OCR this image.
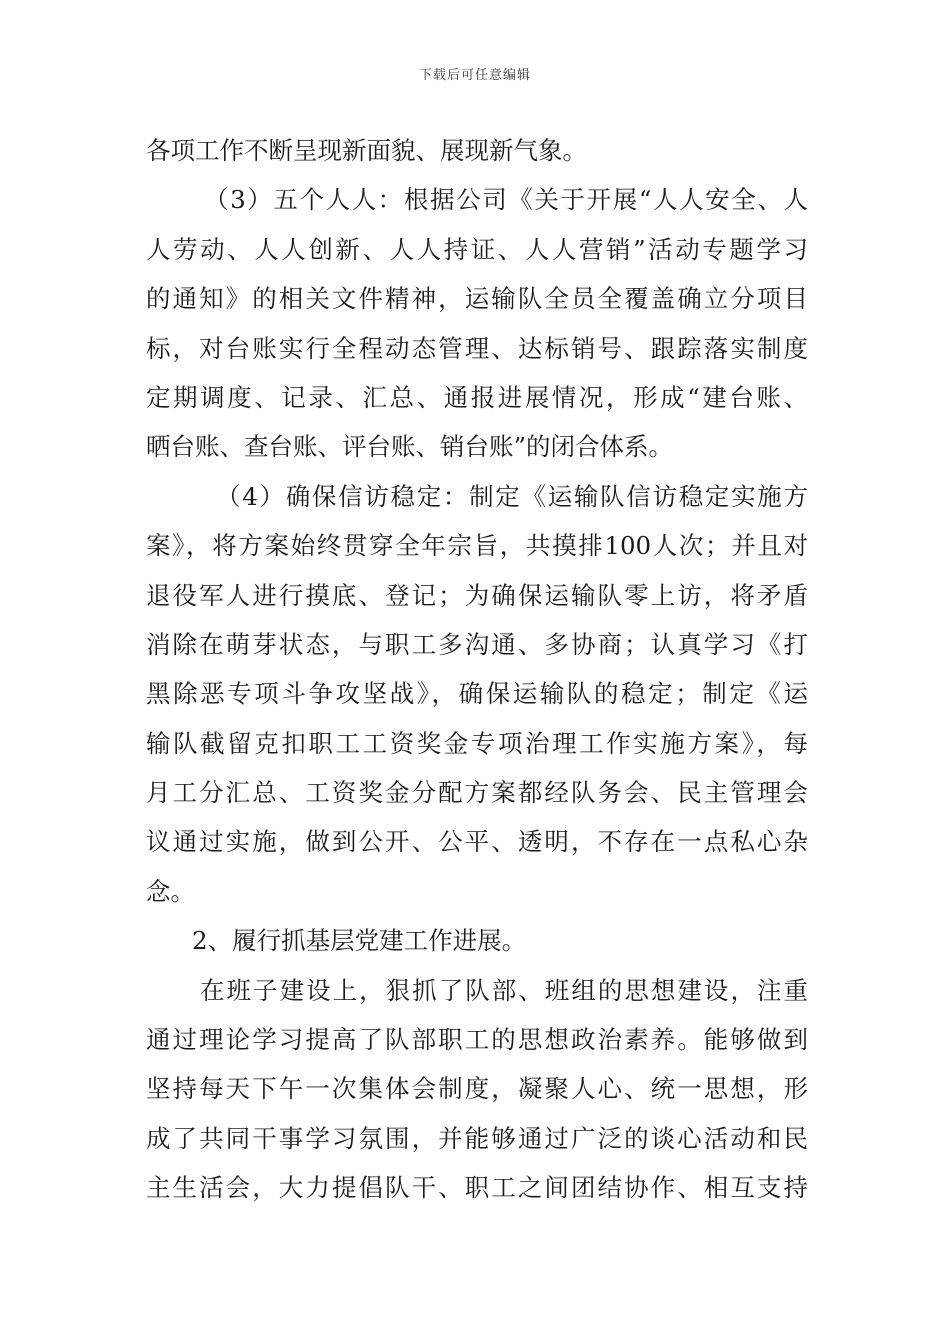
下载后可任意编辑
各项工作不断呈现新面貌、展现新气象。
（3）五个人人：根据公司《关于开展“人人安全、人
人劳动、人人创新、人人持证、人人营销”活动专题学习
的通知》的相关文件精神，运输队全员全覆盖确立分项目
标，对台账实行全程动态管理、达标销号、跟踪落实制度
定期调度、记录、汇总、通报进展情况，形成“建台账、
晒台账、查台账、评台账、销台账”的闭合体系。
（4）确保信访稳定：制定《运输队信访稳定实施方
案》，将方案始终贯穿全年宗旨，共摸排100人次；并且对
退役军人进行摸底、登记；为确保运输队零上访，将矛盾
消除在萌芽状态，与职工多沟通、多协商；认真学习《打
黑除恶专项斗争攻坚战》，确保运输队的稳定；制定《运
输队截留克扣职工工资奖金专项治理工作实施方案》，每
月工分汇总、工资奖金分配方案都经队务会、民主管理会
议通过实施，做到公开、公平、透明，不存在一点私心杂
念。
2、履行抓基层党建工作进展。
在班子建设上，狠抓了队部、班组的思想建设，注重
通过理论学习提高了队部职工的思想政治素养。能够做到
坚持每天下午一次集体会制度，凝聚人心、统一思想，形
成了共同干事学习氛围，并能够通过广泛的谈心活动和民
主生活会，大力提倡队干、职工之间团结协作、相互支持
